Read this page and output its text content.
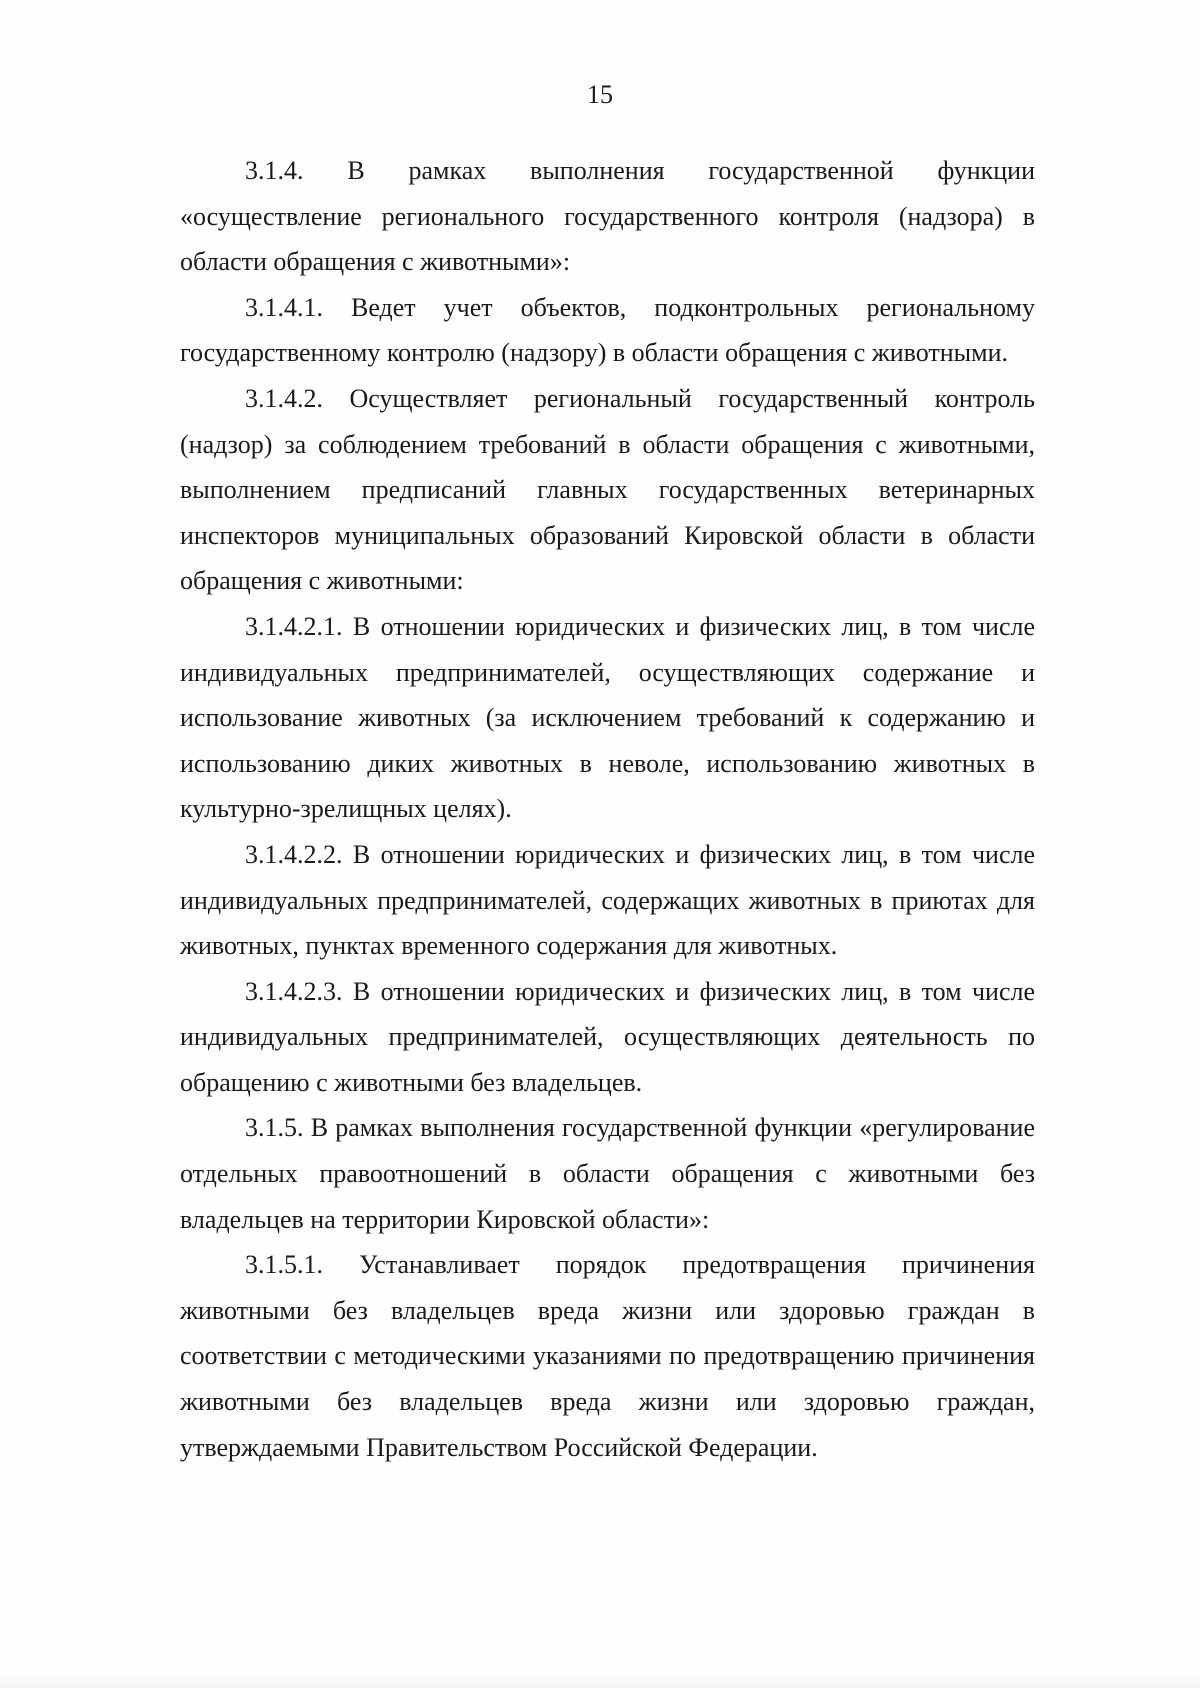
15

3.1.4. В рамках выполнения государственной функции «осуществление регионального государственного контроля (надзора) в области обращения с животными»:

3.1.4.1. Ведет учет объектов, подконтрольных региональному государственному контролю (надзору) в области обращения с животными.

3.1.4.2. Осуществляет региональный государственный контроль (надзор) за соблюдением требований в области обращения с животными, выполнением предписаний главных государственных ветеринарных инспекторов муниципальных образований Кировской области в области обращения с животными:

3.1.4.2.1. В отношении юридических и физических лиц, в том числе индивидуальных предпринимателей, осуществляющих содержание и использование животных (за исключением требований к содержанию и использованию диких животных в неволе, использованию животных в культурно-зрелищных целях).

3.1.4.2.2. В отношении юридических и физических лиц, в том числе индивидуальных предпринимателей, содержащих животных в приютах для животных, пунктах временного содержания для животных.

3.1.4.2.3. В отношении юридических и физических лиц, в том числе индивидуальных предпринимателей, осуществляющих деятельность по обращению с животными без владельцев.

3.1.5. В рамках выполнения государственной функции «регулирование отдельных правоотношений в области обращения с животными без владельцев на территории Кировской области»:

3.1.5.1. Устанавливает порядок предотвращения причинения животными без владельцев вреда жизни или здоровью граждан в соответствии с методическими указаниями по предотвращению причинения животными без владельцев вреда жизни или здоровью граждан, утверждаемыми Правительством Российской Федерации.
